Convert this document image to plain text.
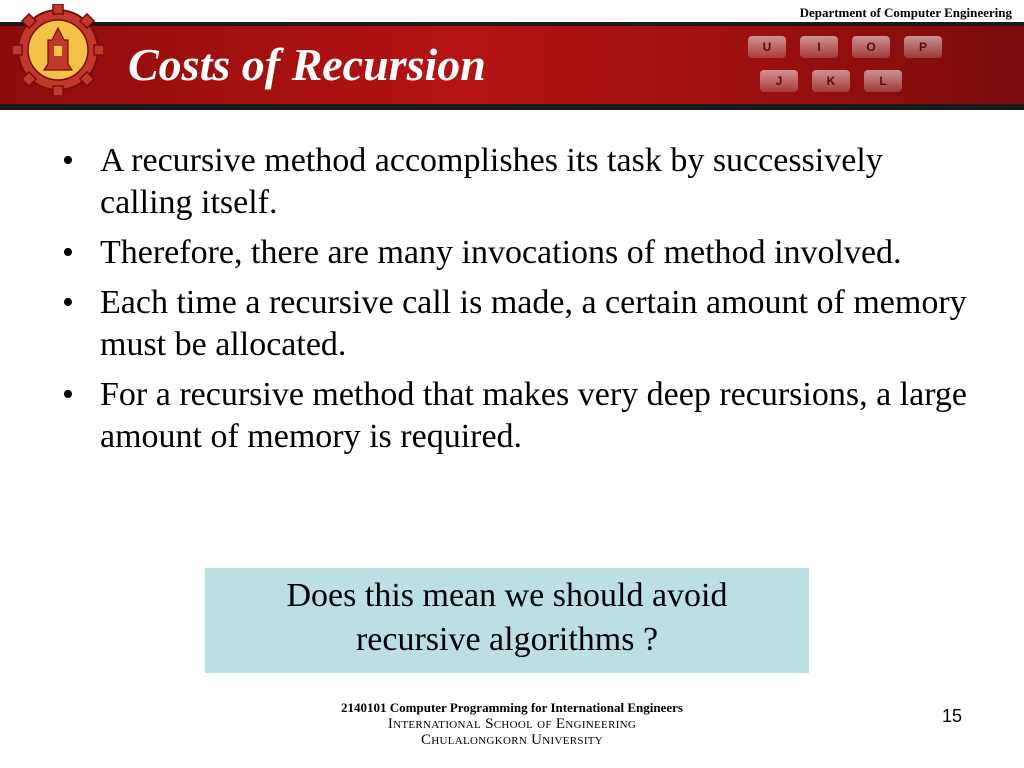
Department of Computer Engineering
U	I	O	P
J	K	L
Costs of Recursion
• A recursive method accomplishes its task by successively calling itself.
• Therefore, there are many invocations of method involved.
• Each time a recursive call is made, a certain amount of memory must be allocated.
• For a recursive method that makes very deep recursions, a large amount of memory is required.
Does this mean we should avoid
recursive algorithms ?
2140101 Computer Programming for International Engineers
International School of Engineering
Chulalongkorn University
15
